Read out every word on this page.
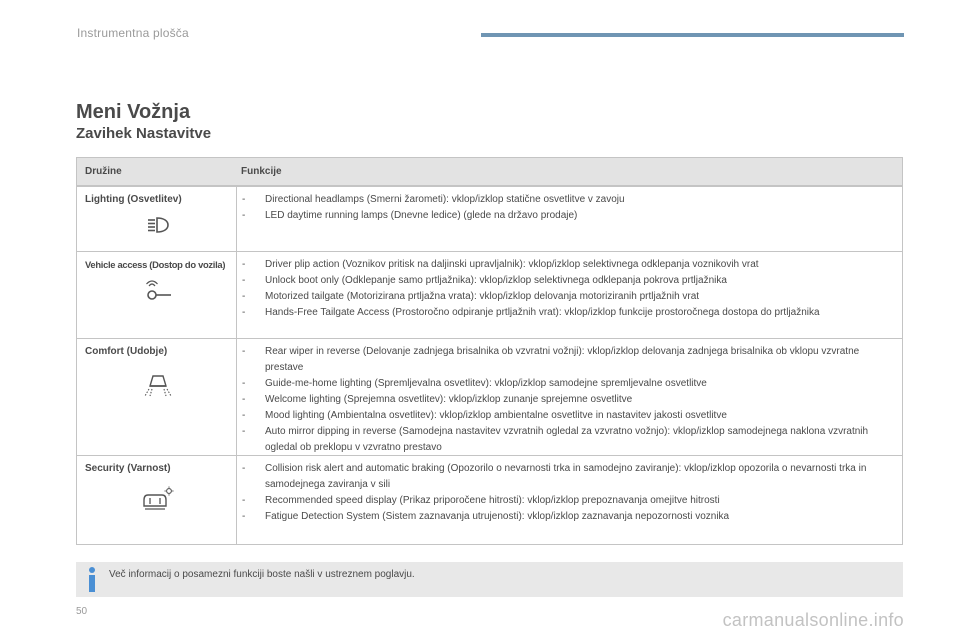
Instrumentna plošča
Meni Vožnja
Zavihek Nastavitve
Družine	Funkcije
Lighting (Osvetlitev)	-	Directional headlamps (Smerni žarometi): vklop/izklop statične osvetlitve v zavoju
-	LED daytime running lamps (Dnevne ledice) (glede na državo prodaje)
Vehicle access (Dostop do vozila)	-	Driver plip action (Voznikov pritisk na daljinski upravljalnik): vklop/izklop selektivnega odklepanja voznikovih vrat
-	Unlock boot only (Odklepanje samo prtljažnika): vklop/izklop selektivnega odklepanja pokrova prtljažnika
-	Motorized tailgate (Motorizirana prtljažna vrata): vklop/izklop delovanja motoriziranih prtljažnih vrat
-	Hands-Free Tailgate Access (Prostoročno odpiranje prtljažnih vrat): vklop/izklop funkcije prostoročnega dostopa do prtljažnika
Comfort (Udobje)	-	Rear wiper in reverse (Delovanje zadnjega brisalnika ob vzvratni vožnji): vklop/izklop delovanja zadnjega brisalnika ob vklopu vzvratne prestave
-	Guide-me-home lighting (Spremljevalna osvetlitev): vklop/izklop samodejne spremljevalne osvetlitve
-	Welcome lighting (Sprejemna osvetlitev): vklop/izklop zunanje sprejemne osvetlitve
-	Mood lighting (Ambientalna osvetlitev): vklop/izklop ambientalne osvetlitve in nastavitev jakosti osvetlitve
-	Auto mirror dipping in reverse (Samodejna nastavitev vzvratnih ogledal za vzvratno vožnjo): vklop/izklop samodejnega naklona vzvratnih ogledal ob preklopu v vzvratno prestavo
Security (Varnost)	-	Collision risk alert and automatic braking (Opozorilo o nevarnosti trka in samodejno zaviranje): vklop/izklop opozorila o nevarnosti trka in samodejnega zaviranja v sili
-	Recommended speed display (Prikaz priporočene hitrosti): vklop/izklop prepoznavanja omejitve hitrosti
-	Fatigue Detection System (Sistem zaznavanja utrujenosti): vklop/izklop zaznavanja nepozornosti voznika
Več informacij o posamezni funkciji boste našli v ustreznem poglavju.
50	carmanualsonline.info
